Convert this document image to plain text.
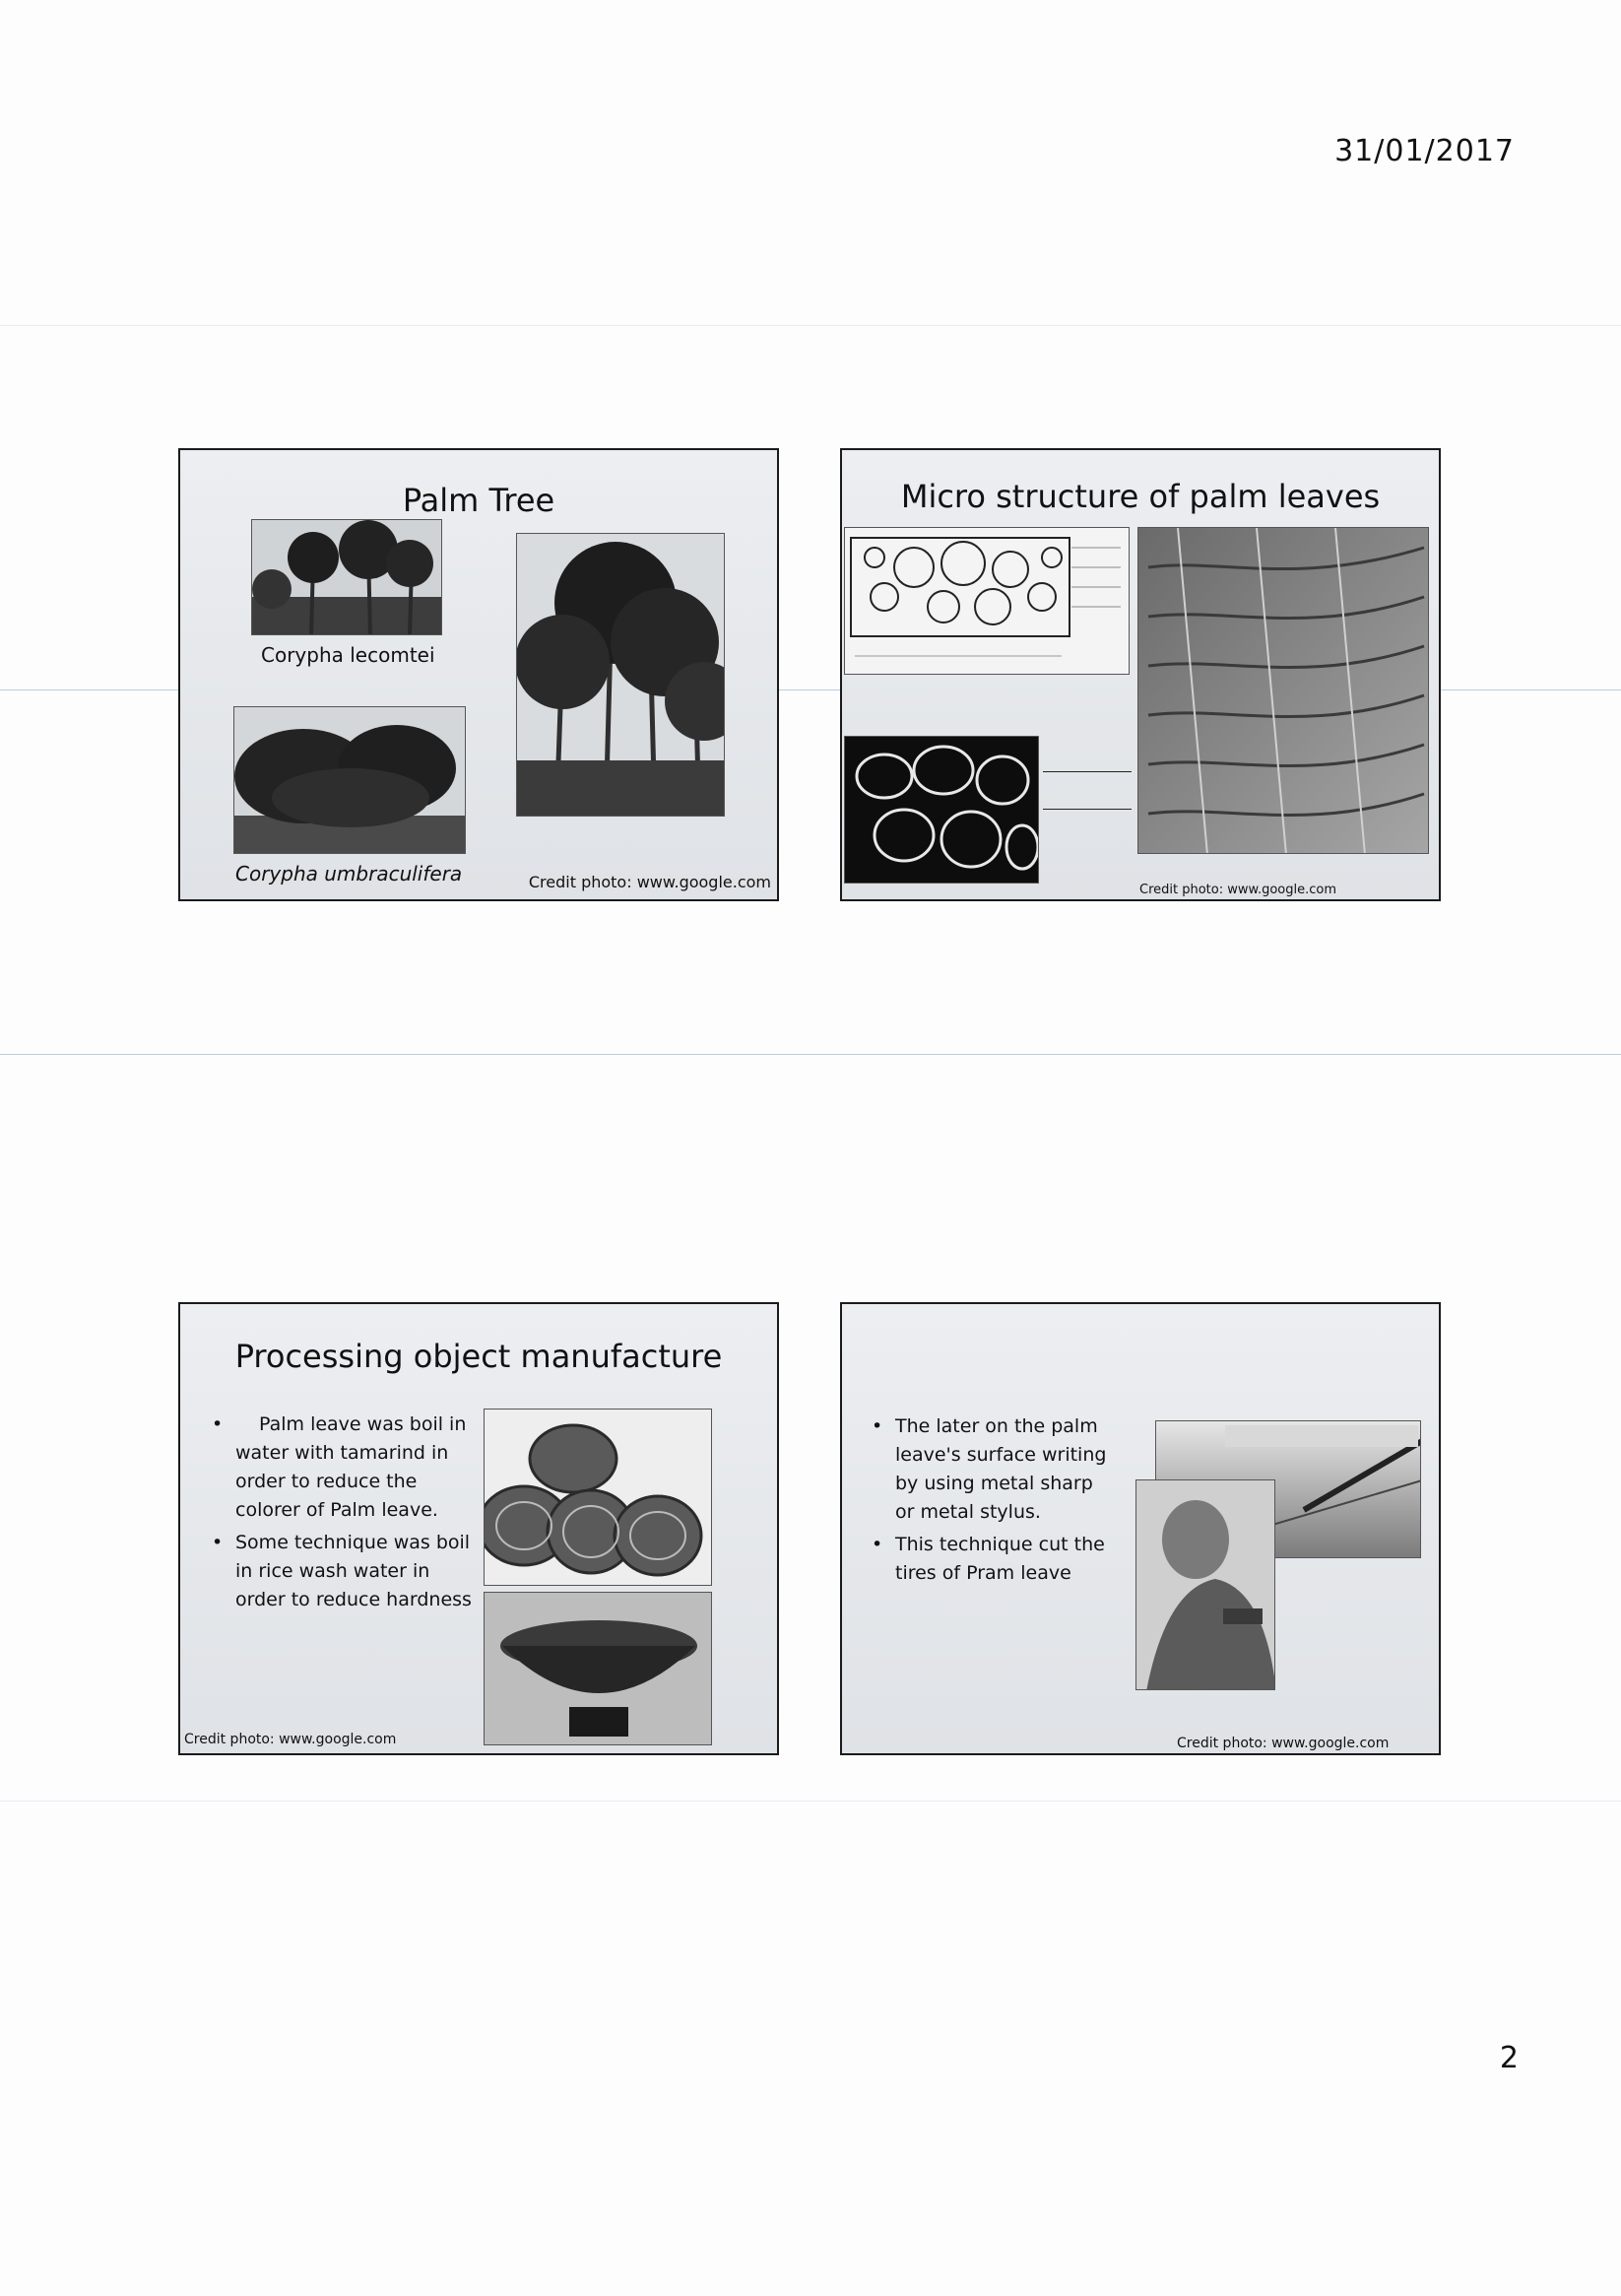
31/01/2017
Palm Tree
Corypha lecomtei
Corypha umbraculifera	Credit photo: www.google.com
Micro structure of palm leaves
Credit photo: www.google.com
Processing object manufacture
• Palm leave was boil in water with tamarind in order to reduce the colorer of Palm leave.
• Some technique was boil in rice wash water in order to reduce hardness
Credit photo: www.google.com
• The later on the palm leave's surface writing by using metal sharp or metal stylus.
• This technique cut the tires of Pram leave
Credit photo: www.google.com
2
